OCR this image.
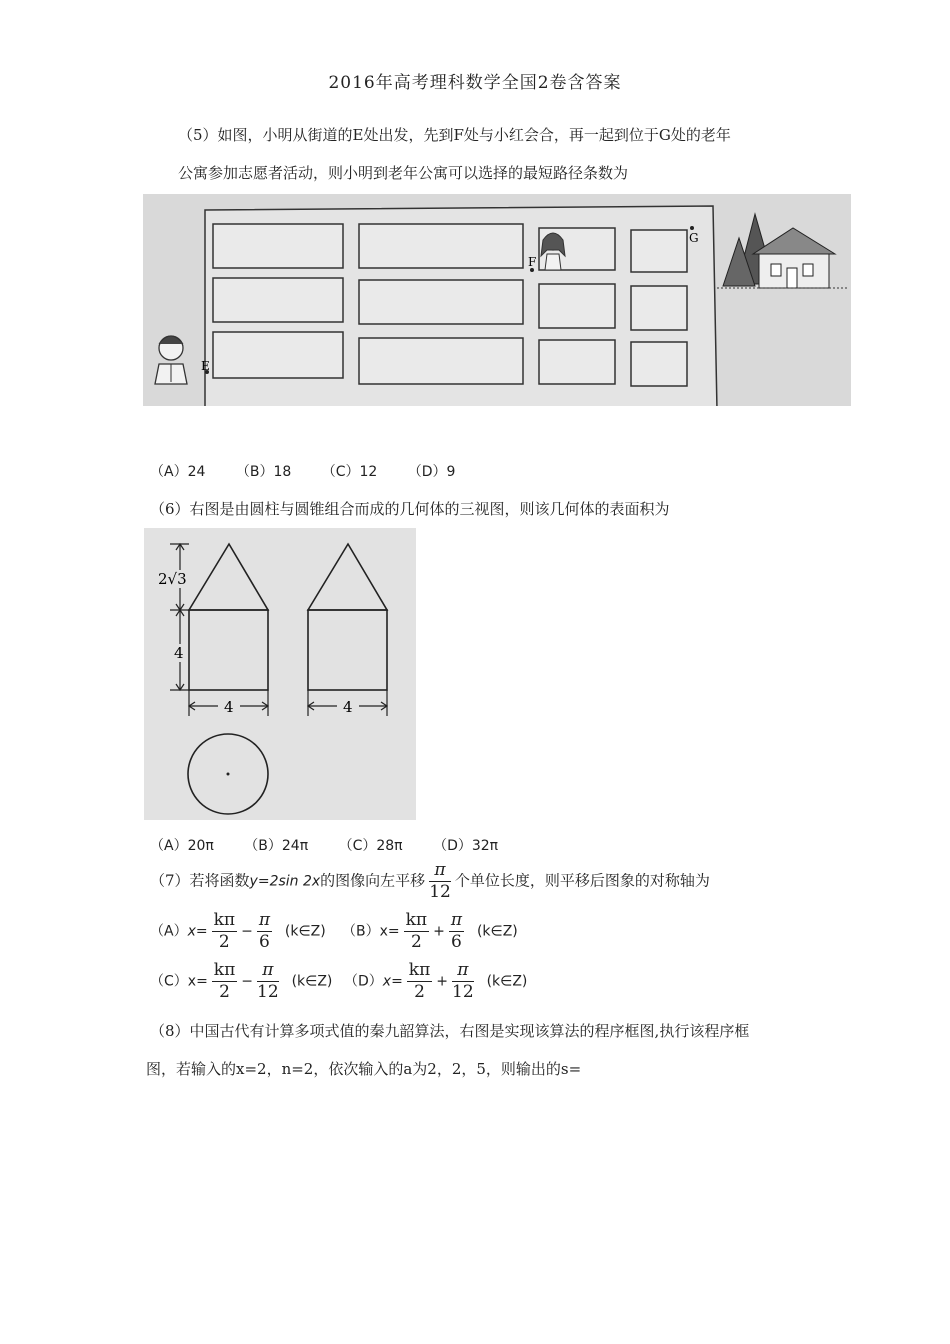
2016年高考理科数学全国2卷含答案
（5）如图，小明从街道的E处出发，先到F处与小红会合，再一起到位于G处的老年
公寓参加志愿者活动，则小明到老年公寓可以选择的最短路径条数为
E
F
G
（A）24 （B）18 （C）12 （D）9
（6）右图是由圆柱与圆锥组合而成的几何体的三视图，则该几何体的表面积为
2√3
4
4	4
（A）20π （B）24π （C）28π （D）32π
（7）若将函数y=2sin 2x的图像向左平移 $\frac{\pi}{12}$ 个单位长度，则平移后图象的对称轴为
$(A)x= \frac{k\pi}{2} - \frac{\pi}{6}$ (k∈Z) $(B)x= \frac{k\pi}{2} + \frac{\pi}{6}$ (k∈Z)
$(C)x= \frac{k\pi}{2} - \frac{\pi}{12}$ (k∈Z) $(D)x= \frac{k\pi}{2} + \frac{\pi}{12}$ (k∈Z)
（8）中国古代有计算多项式值的秦九韶算法，右图是实现该算法的程序框图,执行该程序框
图，若输入的x=2，n=2，依次输入的a为2，2，5，则输出的s=
